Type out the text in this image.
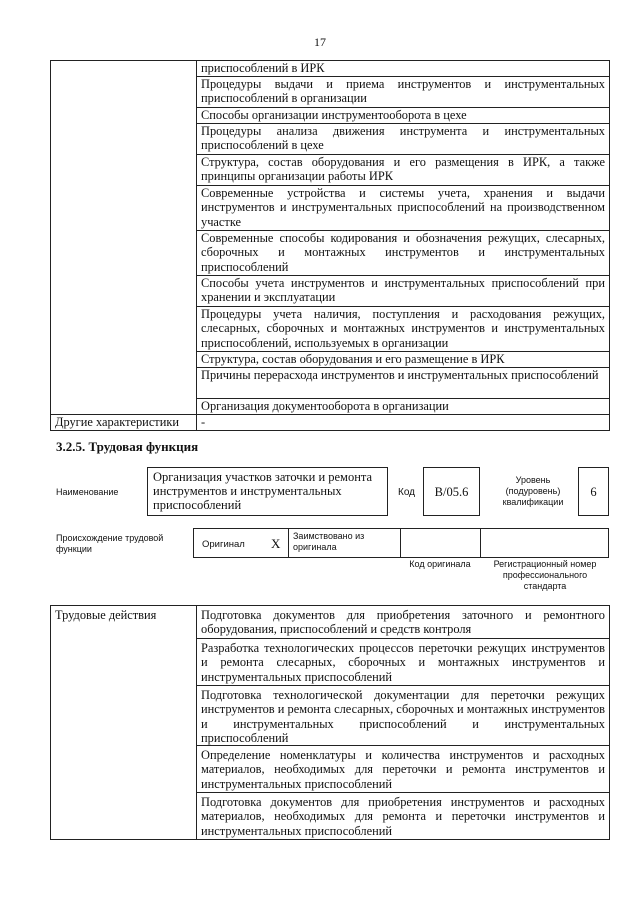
17
	приспособлений в ИРК
	Процедуры выдачи и приема инструментов и инструментальных приспособлений в организации
	Способы организации инструментооборота в цехе
	Процедуры анализа движения инструмента и инструментальных приспособлений в цехе
	Структура, состав оборудования и его размещения в ИРК, а также принципы организации работы ИРК
	Современные устройства и системы учета, хранения и выдачи инструментов и инструментальных приспособлений на производственном участке
	Современные способы кодирования и обозначения режущих, слесарных, сборочных и монтажных инструментов и инструментальных приспособлений
	Способы учета инструментов и инструментальных приспособлений при хранении и эксплуатации
	Процедуры учета наличия, поступления и расходования режущих, слесарных, сборочных и монтажных инструментов и инструментальных приспособлений, используемых в организации
	Структура, состав оборудования и его размещение в ИРК
	Причины перерасхода инструментов и инструментальных приспособлений
	Организация документооборота в организации
Другие характеристики	-
3.2.5. Трудовая функция
Наименование
Организация участков заточки и ремонта инструментов и инструментальных приспособлений
Код B/05.6
Уровень (подуровень) квалификации
6
Происхождение трудовой функции	Оригинал X Заимствовано из оригинала
Код оригинала	Регистрационный номер профессионального стандарта
Трудовые действия	Подготовка документов для приобретения заточного и ремонтного оборудования, приспособлений и средств контроля
Разработка технологических процессов переточки режущих инструментов и ремонта слесарных, сборочных и монтажных инструментов и инструментальных приспособлений
Подготовка технологической документации для переточки режущих инструментов и ремонта слесарных, сборочных и монтажных инструментов и инструментальных приспособлений и инструментальных приспособлений
Определение номенклатуры и количества инструментов и расходных материалов, необходимых для переточки и ремонта инструментов и инструментальных приспособлений
Подготовка документов для приобретения инструментов и расходных материалов, необходимых для ремонта и переточки инструментов и инструментальных приспособлений
